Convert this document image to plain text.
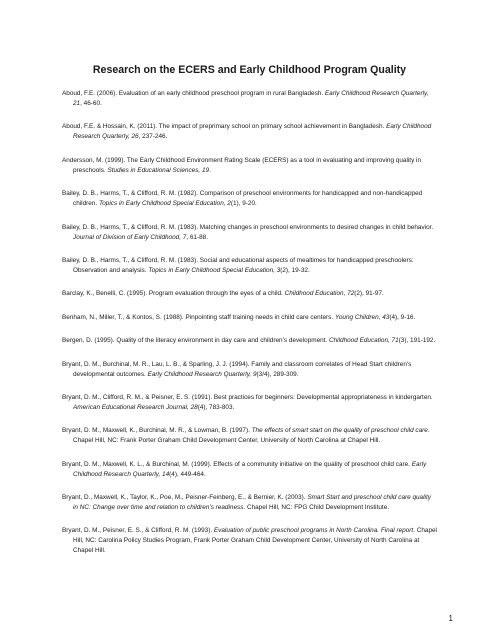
Research on the ECERS and Early Childhood Program Quality

Aboud, F.E. (2006). Evaluation of an early childhood preschool program in rural Bangladesh. Early Childhood Research Quarterly, 21, 46-60.

Aboud, F.E. & Hossain, K. (2011). The impact of preprimary school on primary school achievement in Bangladesh. Early Childhood Research Quarterly, 26, 237-246.

Andersson, M. (1999). The Early Childhood Environment Rating Scale (ECERS) as a tool in evaluating and improving quality in preschools. Studies in Educational Sciences, 19.

Bailey, D. B., Harms, T., & Clifford, R. M. (1982). Comparison of preschool environments for handicapped and non-handicapped children. Topics in Early Childhood Special Education, 2(1), 9-20.

Bailey, D. B., Harms, T., & Clifford, R. M. (1983). Matching changes in preschool environments to desired changes in child behavior. Journal of Division of Early Childhood, 7, 61-88.

Bailey, D. B., Harms, T., & Clifford, R. M. (1983). Social and educational aspects of mealtimes for handicapped preschoolers: Observation and analysis. Topics in Early Childhood Special Education, 3(2), 19-32.

Barclay, K., Benelli, C. (1995). Program evaluation through the eyes of a child. Childhood Education, 72(2), 91-97.

Benham, N., Miller, T., & Kontos, S. (1988). Pinpointing staff training needs in child care centers. Young Children, 43(4), 9-16.

Bergen, D. (1995). Quality of the literacy environment in day care and children’s development. Childhood Education, 71(3), 191-192.

Bryant, D. M., Burchinal, M. R., Lau, L. B., & Sparling, J. J. (1994). Family and classroom correlates of Head Start children's developmental outcomes. Early Childhood Research Quarterly, 9(3/4), 289-309.

Bryant, D. M., Clifford, R. M., & Peisner, E. S. (1991). Best practices for beginners: Developmental appropriateness in kindergarten. American Educational Research Journal, 28(4), 783-803.

Bryant, D. M., Maxwell, K., Burchinal, M. R., & Lowman, B. (1997). The effects of smart start on the quality of preschool child care. Chapel Hill, NC: Frank Porter Graham Child Development Center, University of North Carolina at Chapel Hill.

Bryant, D. M., Maxwell, K. L., & Burchinal, M. (1999). Effects of a community initiative on the quality of preschool child care. Early Childhood Research Quarterly, 14(4), 449-464.

Bryant, D., Maxwell, K., Taylor, K., Poe, M., Peisner-Feinberg, E., & Bernier, K. (2003). Smart Start and preschool child care quality in NC: Change over time and relation to children’s readiness. Chapel Hill, NC: FPG Child Development Institute.

Bryant, D. M., Peisner, E. S., & Clifford, R. M. (1993). Evaluation of public preschool programs in North Carolina. Final report. Chapel Hill, NC: Carolina Policy Studies Program, Frank Porter Graham Child Development Center, University of North Carolina at Chapel Hill.

1
